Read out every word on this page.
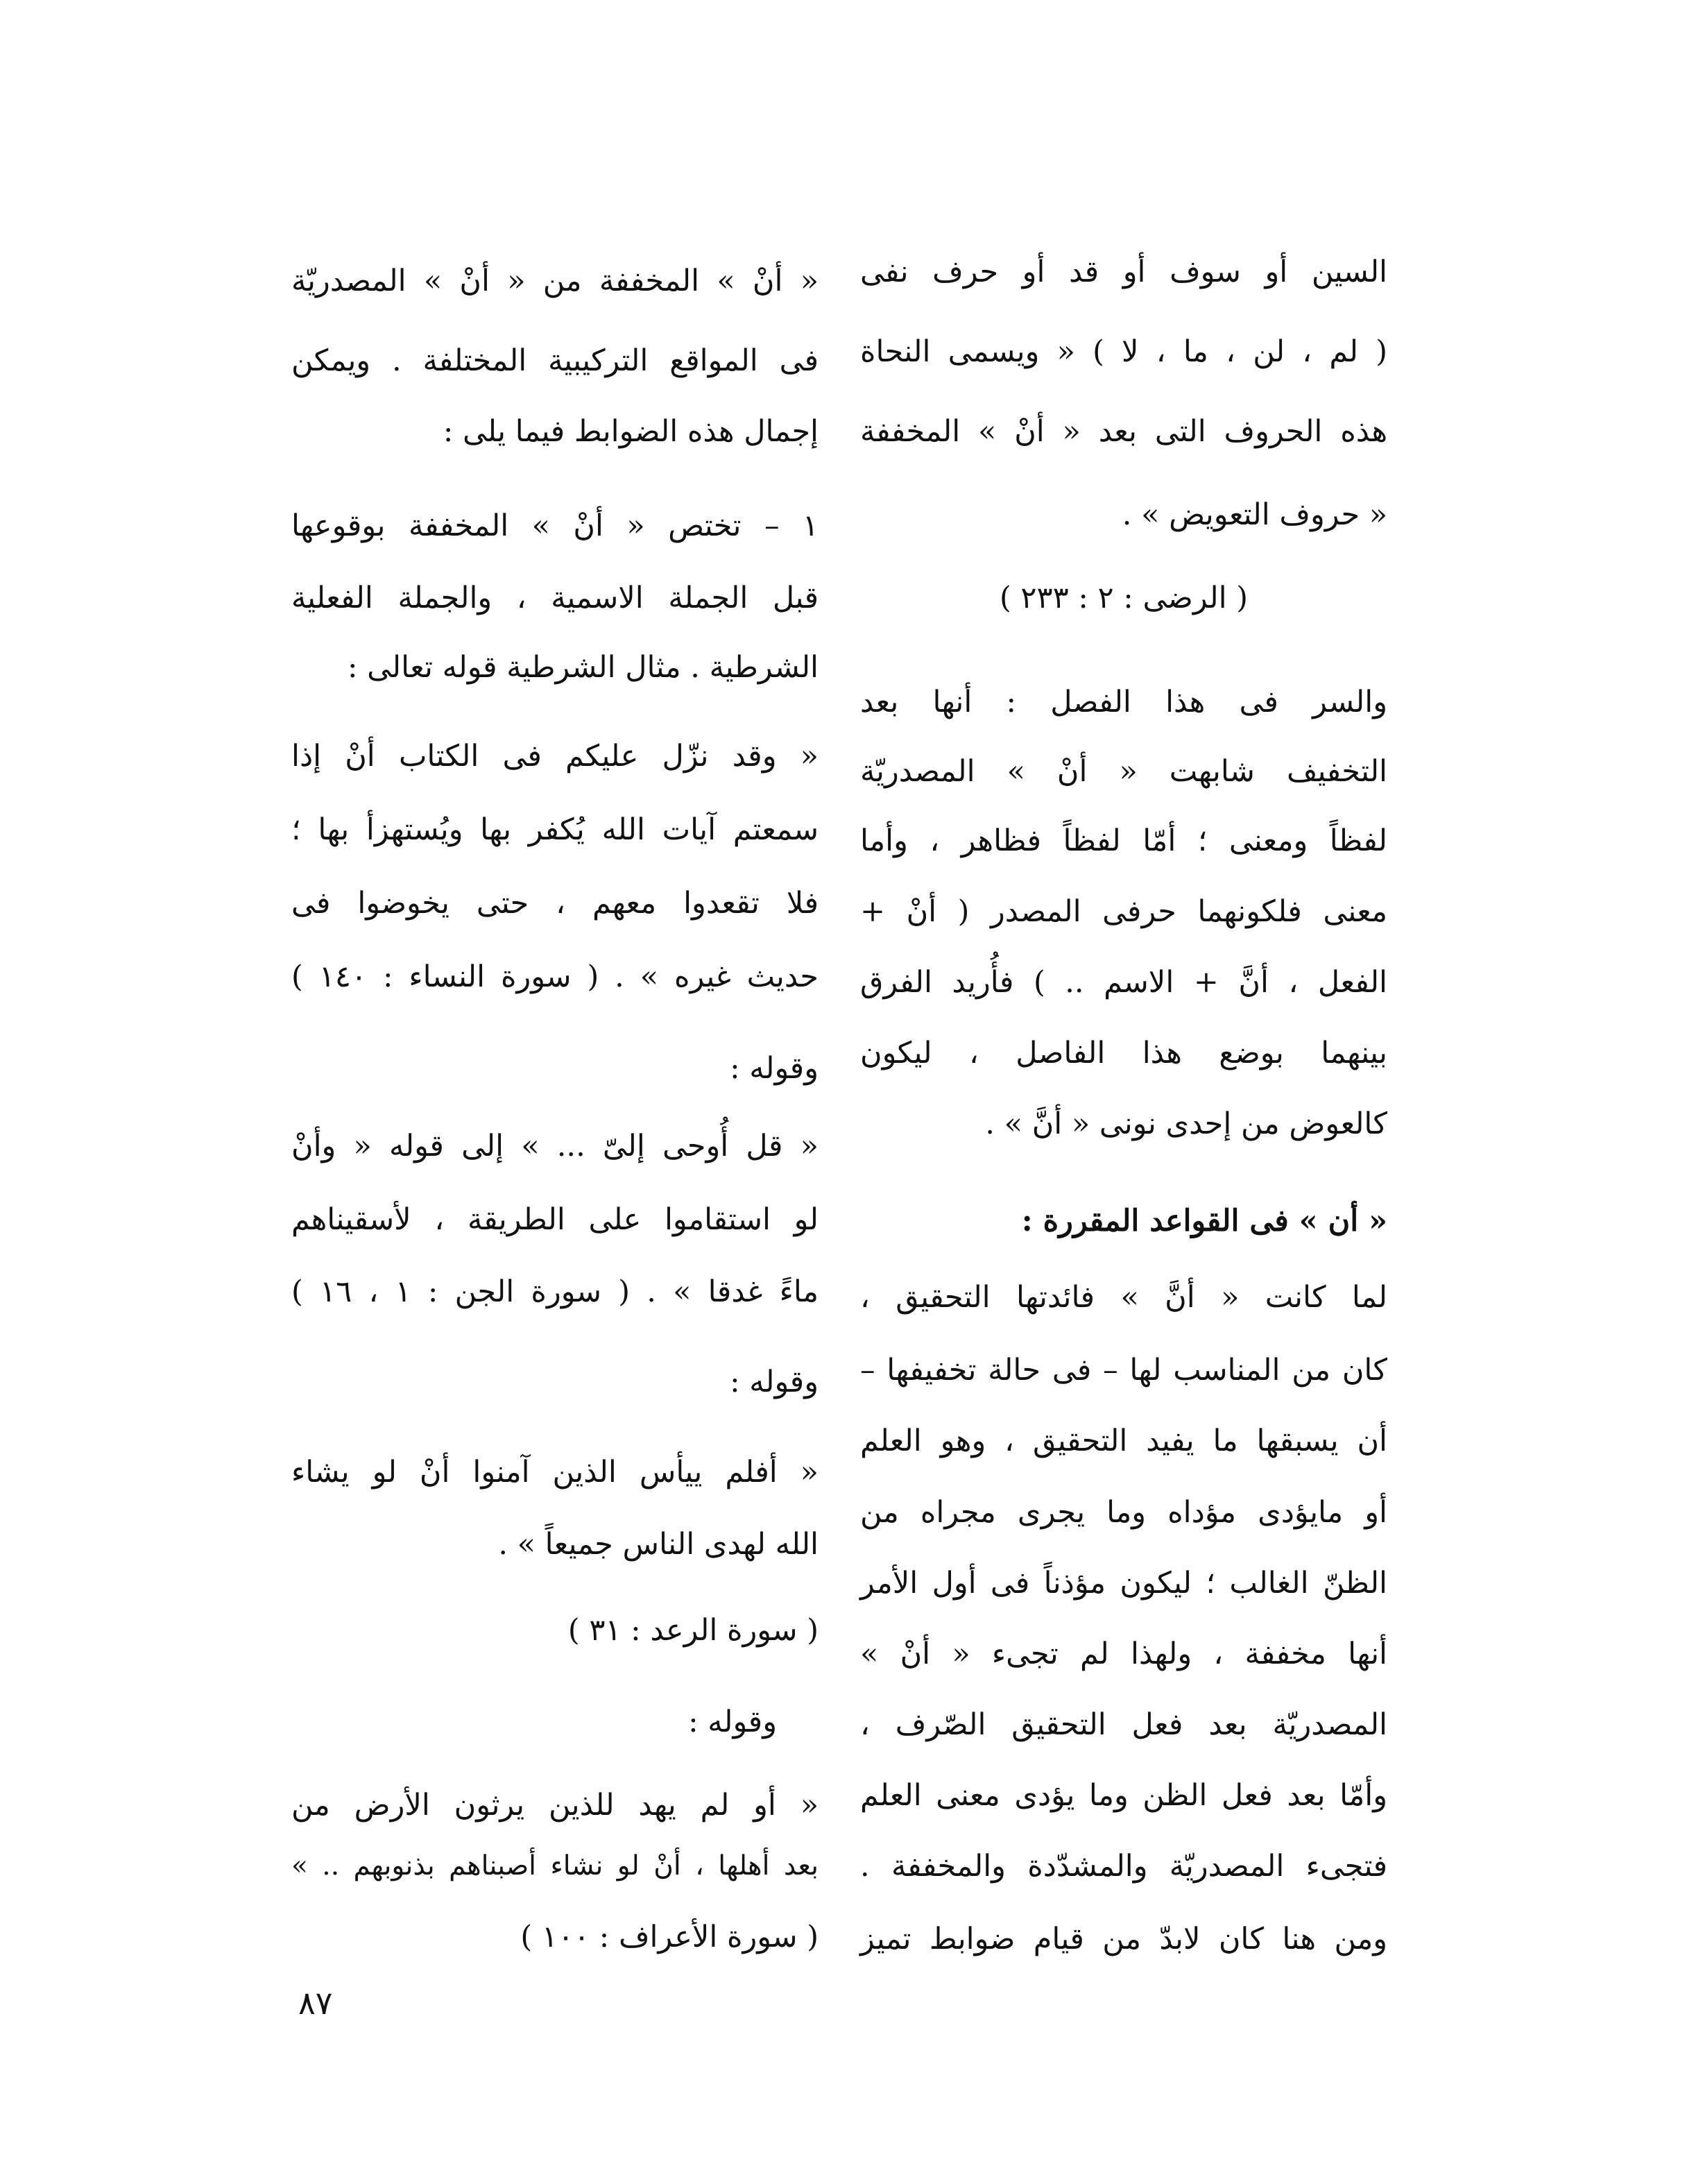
السين أو سوف أو قد أو حرف نفى

( لم ، لن ، ما ، لا ) « ويسمى النحاة

هذه الحروف التى بعد « أنْ » المخففة

« حروف التعويض » .

( الرضى : ٢ : ٢٣٣ )

والسر فى هذا الفصل : أنها بعد

التخفيف شابهت « أنْ » المصدريّة

لفظاً ومعنى ؛ أمّا لفظاً فظاهر ، وأما

معنى فلكونهما حرفى المصدر ( أنْ +

الفعل ، أنَّ + الاسم .. ) فأُريد الفرق

بينهما بوضع هذا الفاصل ، ليكون

كالعوض من إحدى نونى « أنَّ » .

« أن » فى القواعد المقررة :

لما كانت « أنَّ » فائدتها التحقيق ،

كان من المناسب لها – فى حالة تخفيفها –

أن يسبقها ما يفيد التحقيق ، وهو العلم

أو مايؤدى مؤداه وما يجرى مجراه من

الظنّ الغالب ؛ ليكون مؤذناً فى أول الأمر

أنها مخففة ، ولهذا لم تجىء « أنْ »

المصدريّة بعد فعل التحقيق الصّرف ،

وأمّا بعد فعل الظن وما يؤدى معنى العلم

فتجىء المصدريّة والمشدّدة والمخففة .

ومن هنا كان لابدّ من قيام ضوابط تميز

« أنْ » المخففة من « أنْ » المصدريّة

فى المواقع التركيبية المختلفة . ويمكن

إجمال هذه الضوابط فيما يلى :

١ – تختص « أنْ » المخففة بوقوعها

قبل الجملة الاسمية ، والجملة الفعلية

الشرطية . مثال الشرطية قوله تعالى :

« وقد نزّل عليكم فى الكتاب أنْ إذا

سمعتم آيات الله يُكفر بها ويُستهزأ بها ؛

فلا تقعدوا معهم ، حتى يخوضوا فى

حديث غيره » . ( سورة النساء : ١٤٠ )

وقوله :

« قل أُوحى إلىّ ... » إلى قوله « وأنْ

لو استقاموا على الطريقة ، لأسقيناهم

ماءً غدقا » . ( سورة الجن : ١ ، ١٦ )

وقوله :

« أفلم ييأس الذين آمنوا أنْ لو يشاء

الله لهدى الناس جميعاً » .

( سورة الرعد : ٣١ )

وقوله :

« أو لم يهد للذين يرثون الأرض من

بعد أهلها ، أنْ لو نشاء أصبناهم بذنوبهم .. »

( سورة الأعراف : ١٠٠ )

٨٧
